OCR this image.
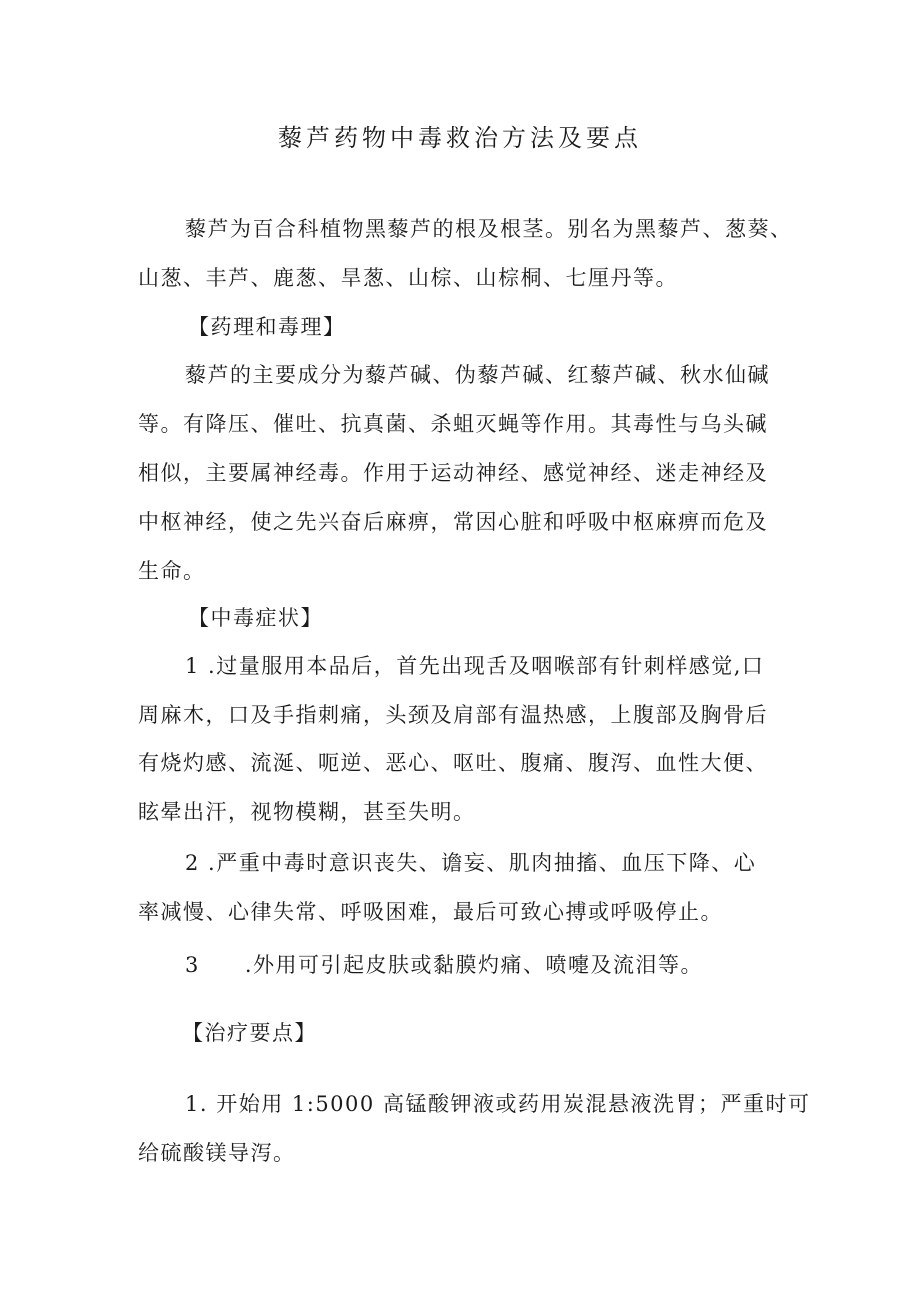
藜芦药物中毒救治方法及要点
藜芦为百合科植物黑藜芦的根及根茎。别名为黑藜芦、葱葵、
山葱、丰芦、鹿葱、旱葱、山棕、山棕桐、七厘丹等。
【药理和毒理】
藜芦的主要成分为藜芦碱、伪藜芦碱、红藜芦碱、秋水仙碱
等。有降压、催吐、抗真菌、杀蛆灭蝇等作用。其毒性与乌头碱
相似，主要属神经毒。作用于运动神经、感觉神经、迷走神经及
中枢神经，使之先兴奋后麻痹，常因心脏和呼吸中枢麻痹而危及
生命。
【中毒症状】
1 .过量服用本品后，首先出现舌及咽喉部有针刺样感觉,口
周麻木，口及手指刺痛，头颈及肩部有温热感，上腹部及胸骨后
有烧灼感、流涎、呃逆、恶心、呕吐、腹痛、腹泻、血性大便、
眩晕出汗，视物模糊，甚至失明。
2 .严重中毒时意识丧失、谵妄、肌肉抽搐、血压下降、心
率减慢、心律失常、呼吸困难，最后可致心搏或呼吸停止。
3　　.外用可引起皮肤或黏膜灼痛、喷嚏及流泪等。
【治疗要点】
1. 开始用 1:5000 高锰酸钾液或药用炭混悬液洗胃；严重时可
给硫酸镁导泻。
